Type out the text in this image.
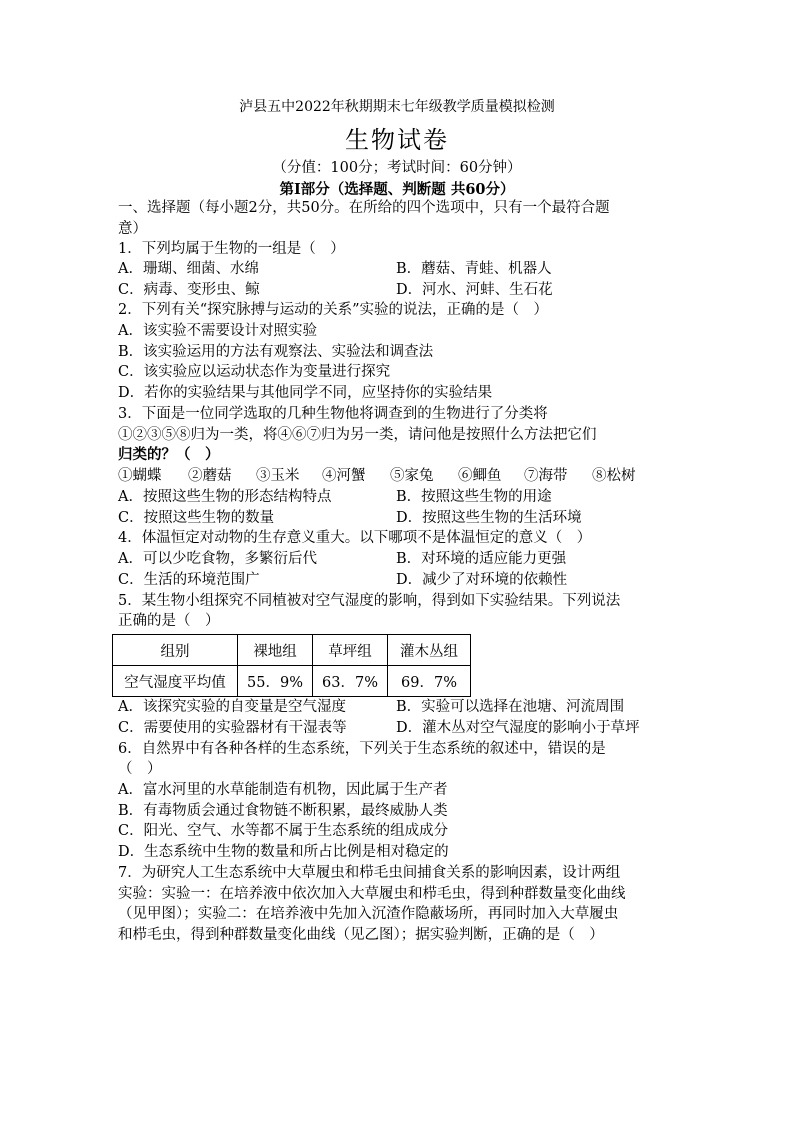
泸县五中2022年秋期期末七年级教学质量模拟检测
生物试卷
（分值：100分；考试时间：60分钟）
第Ⅰ部分（选择题、判断题 共60分）
一、选择题（每小题2分，共50分。在所给的四个选项中，只有一个最符合题
意）
1．下列均属于生物的一组是（　）
A．珊瑚、细菌、水绵	B．蘑菇、青蛙、机器人
C．病毒、变形虫、鲸	D．河水、河蚌、生石花
2．下列有关“探究脉搏与运动的关系”实验的说法，正确的是（　）
A．该实验不需要设计对照实验
B．该实验运用的方法有观察法、实验法和调查法
C．该实验应以运动状态作为变量进行探究
D．若你的实验结果与其他同学不同，应坚持你的实验结果
3．下面是一位同学选取的几种生物他将调查到的生物进行了分类将
①②③⑤⑧归为一类，将④⑥⑦归为另一类，请问他是按照什么方法把它们
归类的？（　）
①蝴蝶 ②蘑菇 ③玉米 ④河蟹 ⑤家兔 ⑥鲫鱼 ⑦海带 ⑧松树
A．按照这些生物的形态结构特点	B．按照这些生物的用途
C．按照这些生物的数量	D．按照这些生物的生活环境
4．体温恒定对动物的生存意义重大。以下哪项不是体温恒定的意义（　）
A．可以少吃食物，多繁衍后代	B．对环境的适应能力更强
C．生活的环境范围广	D．减少了对环境的依赖性
5．某生物小组探究不同植被对空气湿度的影响，得到如下实验结果。下列说法
正确的是（　）
组别	裸地组	草坪组	灌木丛组
空气湿度平均值	55．9%	63．7%	69．7%
A．该探究实验的自变量是空气湿度	B．实验可以选择在池塘、河流周围
C．需要使用的实验器材有干湿表等	D．灌木丛对空气湿度的影响小于草坪
6．自然界中有各种各样的生态系统，下列关于生态系统的叙述中，错误的是
（　）
A．富水河里的水草能制造有机物，因此属于生产者
B．有毒物质会通过食物链不断积累，最终威胁人类
C．阳光、空气、水等都不属于生态系统的组成成分
D．生态系统中生物的数量和所占比例是相对稳定的
7．为研究人工生态系统中大草履虫和栉毛虫间捕食关系的影响因素，设计两组
实验：实验一：在培养液中依次加入大草履虫和栉毛虫，得到种群数量变化曲线
（见甲图）；实验二：在培养液中先加入沉渣作隐蔽场所，再同时加入大草履虫
和栉毛虫，得到种群数量变化曲线（见乙图）；据实验判断，正确的是（　）
